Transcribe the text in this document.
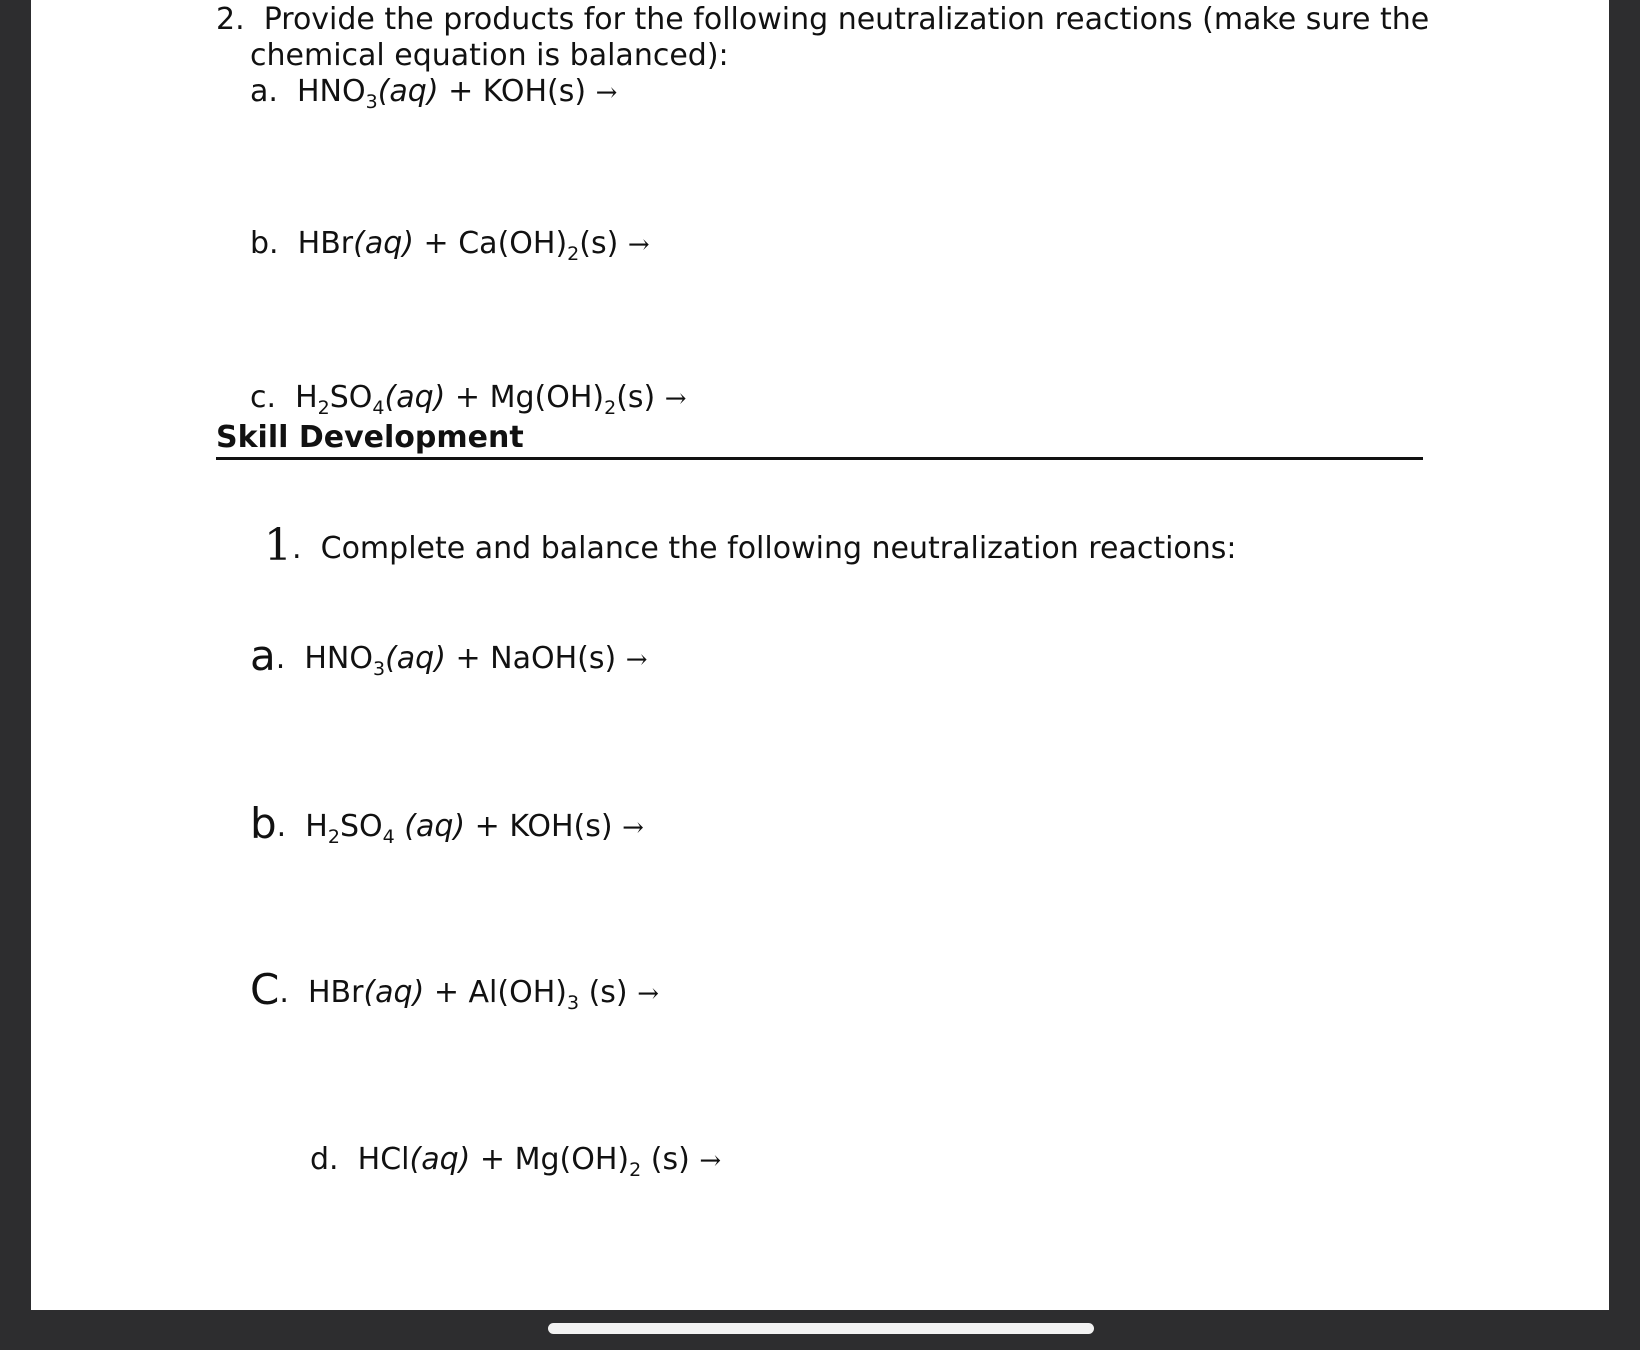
2. Provide the products for the following neutralization reactions (make sure the
chemical equation is balanced):
a. $HNO_3(aq) + KOH(s)$ →
b. $HBr(aq) + Ca(OH)_2(s)$ →
c. $H_2SO_4(aq) + Mg(OH)_2(s)$ →
Skill Development
1. Complete and balance the following neutralization reactions:
a. $HNO_3(aq)$ + NaOH(s) →
b. $H_2SO_4$ (aq) + KOH(s) →
C. $HBr(aq) + Al(OH)_3$ (s) →
d. $HCl(aq) + Mg(OH)_2$ (s) →
